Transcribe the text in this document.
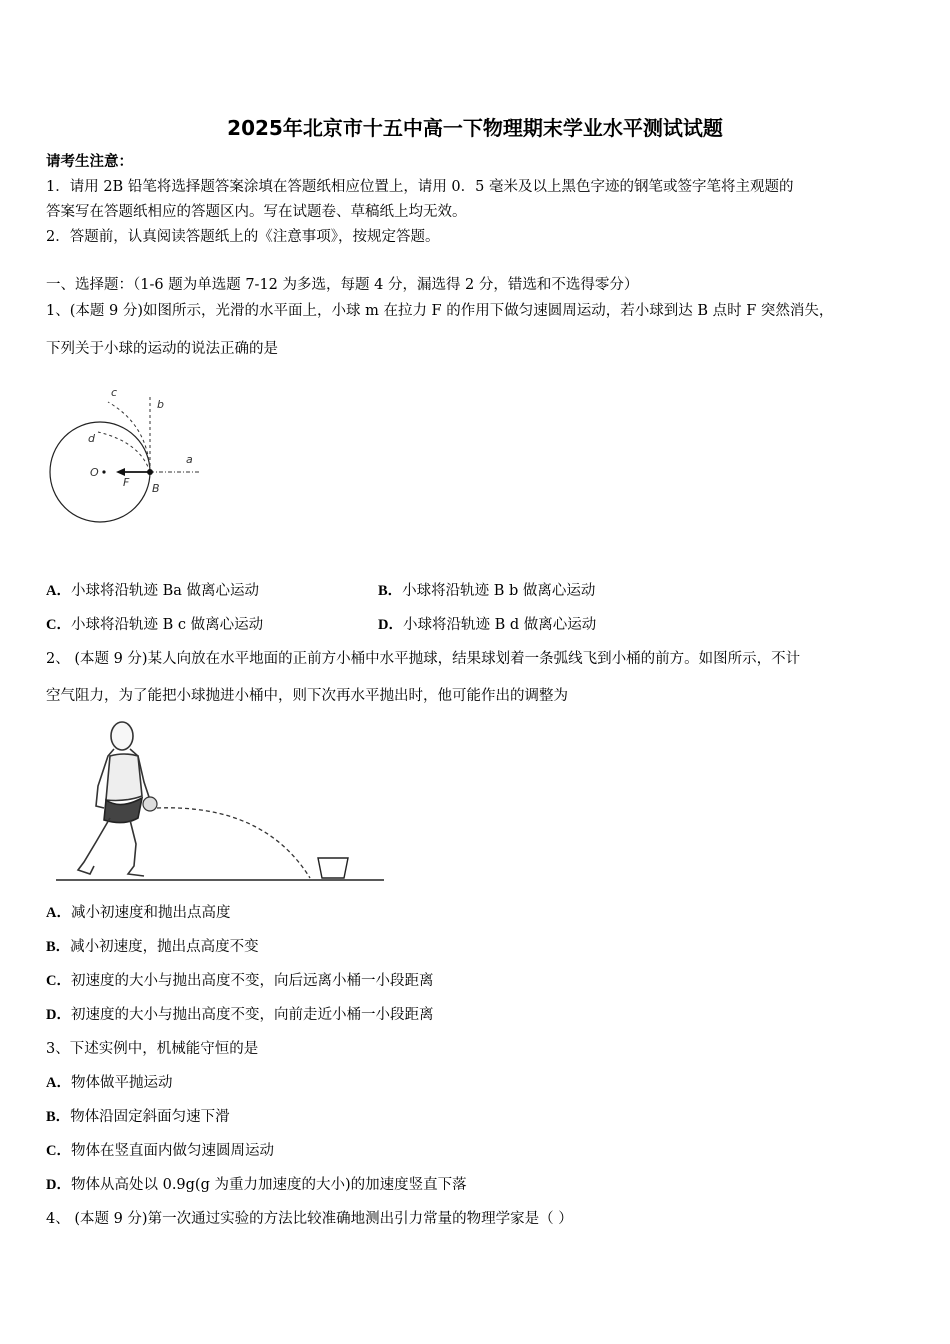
2025年北京市十五中高一下物理期末学业水平测试试题
请考生注意：
1．请用 2B 铅笔将选择题答案涂填在答题纸相应位置上，请用 0．5 毫米及以上黑色字迹的钢笔或签字笔将主观题的
答案写在答题纸相应的答题区内。写在试题卷、草稿纸上均无效。
2．答题前，认真阅读答题纸上的《注意事项》，按规定答题。
一、选择题：（1-6 题为单选题 7-12 为多选，每题 4 分，漏选得 2 分，错选和不选得零分）
1、(本题 9 分)如图所示，光滑的水平面上，小球 m 在拉力 F 的作用下做匀速圆周运动，若小球到达 B 点时 F 突然消失，
下列关于小球的运动的说法正确的是
c
b
d
a
O
F B
A．小球将沿轨迹 Ba 做离心运动	B．小球将沿轨迹 B b 做离心运动
C．小球将沿轨迹 B c 做离心运动	D．小球将沿轨迹 B d 做离心运动
2、 (本题 9 分)某人向放在水平地面的正前方小桶中水平抛球，结果球划着一条弧线飞到小桶的前方。如图所示，不计
空气阻力，为了能把小球抛进小桶中，则下次再水平抛出时，他可能作出的调整为
A．减小初速度和抛出点高度
B．减小初速度，抛出点高度不变
C．初速度的大小与抛出高度不变，向后远离小桶一小段距离
D．初速度的大小与抛出高度不变，向前走近小桶一小段距离
3、下述实例中，机械能守恒的是
A．物体做平抛运动
B．物体沿固定斜面匀速下滑
C．物体在竖直面内做匀速圆周运动
D．物体从高处以 0.9g(g 为重力加速度的大小)的加速度竖直下落
4、 (本题 9 分)第一次通过实验的方法比较准确地测出引力常量的物理学家是（ ）
